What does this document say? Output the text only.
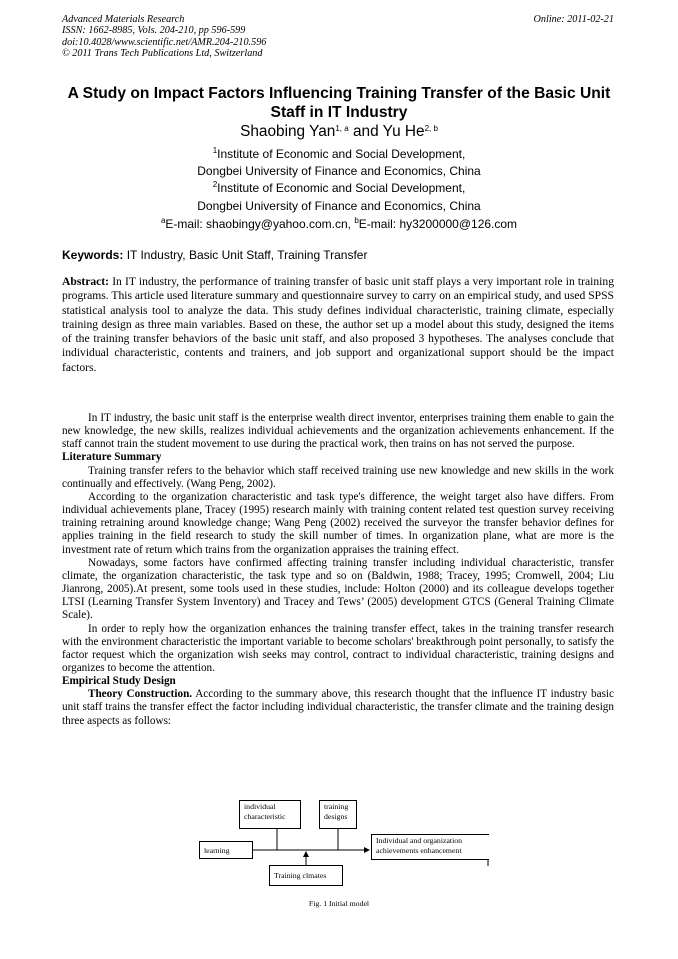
Advanced Materials Research
ISSN: 1662-8985, Vols. 204-210, pp 596-599
doi:10.4028/www.scientific.net/AMR.204-210.596
© 2011 Trans Tech Publications Ltd, Switzerland
Online: 2011-02-21
A Study on Impact Factors Influencing Training Transfer of the Basic Unit Staff in IT Industry
Shaobing Yan$^{1, a}$ and Yu He$^{2, b}$
$^1$Institute of Economic and Social Development,
Dongbei University of Finance and Economics, China
$^2$Institute of Economic and Social Development,
Dongbei University of Finance and Economics, China
$^a$E-mail: shaobingy@yahoo.com.cn, $^b$E-mail: hy3200000@126.com
Keywords: IT Industry, Basic Unit Staff, Training Transfer

Abstract: In IT industry, the performance of training transfer of basic unit staff plays a very important role in training programs. This article used literature summary and questionnaire survey to carry on an empirical study, and used SPSS statistical analysis tool to analyze the data. This study defines individual characteristic, training climate, especially training design as three main variables. Based on these, the author set up a model about this study, designed the items of the training transfer behaviors of the basic unit staff, and also proposed 3 hypotheses. The analyses conclude that individual characteristic, contents and trainers, and job support and organizational support should be the impact factors.

In IT industry, the basic unit staff is the enterprise wealth direct inventor, enterprises training them enable to gain the new knowledge, the new skills, realizes individual achievements and the organization achievements enhancement. If the staff cannot train the student movement to use during the practical work, then trains on has not served the purpose.

Literature Summary

Training transfer refers to the behavior which staff received training use new knowledge and new skills in the work continually and effectively. (Wang Peng, 2002).

According to the organization characteristic and task type's difference, the weight target also have differs. From individual achievements plane, Tracey (1995) research mainly with training content related test question survey receiving training retraining around knowledge change; Wang Peng (2002) received the surveyor the transfer behavior defines for applies training in the field research to study the skill number of times. In organization plane, what are more is the investment rate of return which trains from the organization appraises the training effect.

Nowadays, some factors have confirmed affecting training transfer including individual characteristic, transfer climate, the organization characteristic, the task type and so on (Baldwin, 1988; Tracey, 1995; Cromwell, 2004; Liu Jianrong, 2005).At present, some tools used in these studies, include: Holton (2000) and its colleague develops together LTSI (Learning Transfer System Inventory) and Tracey and Tews’ (2005) development GTCS (General Training Climate Scale).

In order to reply how the organization enhances the training transfer effect, takes in the training transfer research with the environment characteristic the important variable to become scholars' breakthrough point personally, to satisfy the factor request which the organization wish seeks may control, contract to individual characteristic, training designs and organizes to become the attention.

Empirical Study Design

Theory Construction. According to the summary above, this research thought that the influence IT industry basic unit staff trains the transfer effect the factor including individual characteristic, the transfer climate and the training design three aspects as follows:

individual characteristic
training designs
learning
Individual and organization achievements enhancement
Training clmates
Fig. 1 Initial model
